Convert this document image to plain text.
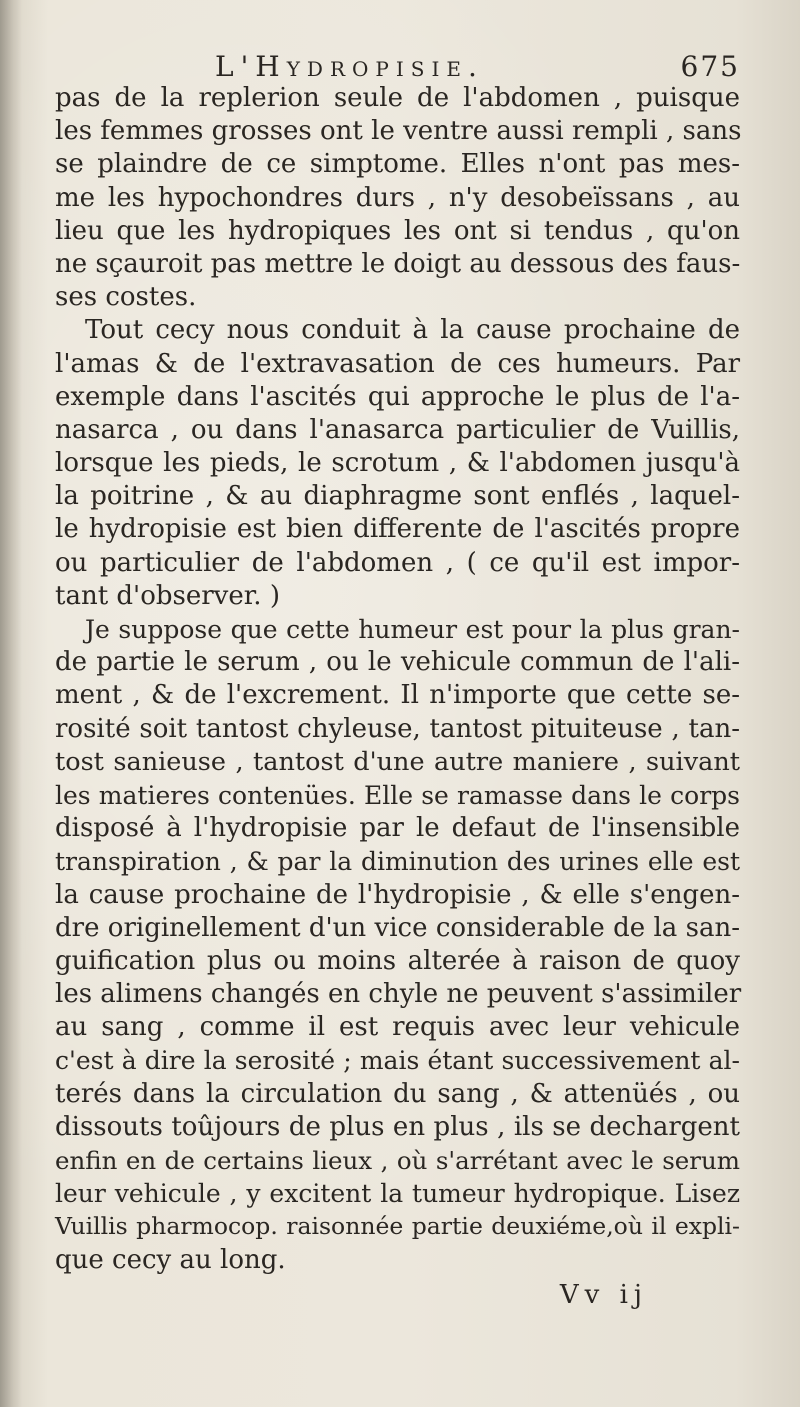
L'Hydropisie.	675
pas de la replerion seule de l'abdomen , puisque
les femmes grosses ont le ventre aussi rempli , sans
se plaindre de ce simptome. Elles n'ont pas mes-
me les hypochondres durs , n'y desobeïssans , au
lieu que les hydropiques les ont si tendus , qu'on
ne sçauroit pas mettre le doigt au dessous des faus-
ses costes.
Tout cecy nous conduit à la cause prochaine de
l'amas & de l'extravasation de ces humeurs. Par
exemple dans l'ascités qui approche le plus de l'a-
nasarca , ou dans l'anasarca particulier de Vuillis,
lorsque les pieds, le scrotum , & l'abdomen jusqu'à
la poitrine , & au diaphragme sont enflés , laquel-
le hydropisie est bien differente de l'ascités propre
ou particulier de l'abdomen , ( ce qu'il est impor-
tant d'observer. )
Je suppose que cette humeur est pour la plus gran-
de partie le serum , ou le vehicule commun de l'ali-
ment , & de l'excrement. Il n'importe que cette se-
rosité soit tantost chyleuse, tantost pituiteuse , tan-
tost sanieuse , tantost d'une autre maniere , suivant
les matieres contenües. Elle se ramasse dans le corps
disposé à l'hydropisie par le defaut de l'insensible
transpiration , & par la diminution des urines elle est
la cause prochaine de l'hydropisie , & elle s'engen-
dre originellement d'un vice considerable de la san-
guification plus ou moins alterée à raison de quoy
les alimens changés en chyle ne peuvent s'assimiler
au sang , comme il est requis avec leur vehicule
c'est à dire la serosité ; mais étant successivement al-
terés dans la circulation du sang , & attenüés , ou
dissouts toûjours de plus en plus , ils se dechargent
enfin en de certains lieux , où s'arrétant avec le serum
leur vehicule , y excitent la tumeur hydropique. Lisez
Vuillis pharmocop. raisonnée partie deuxiéme,où il expli-
que cecy au long.
Vv ij
